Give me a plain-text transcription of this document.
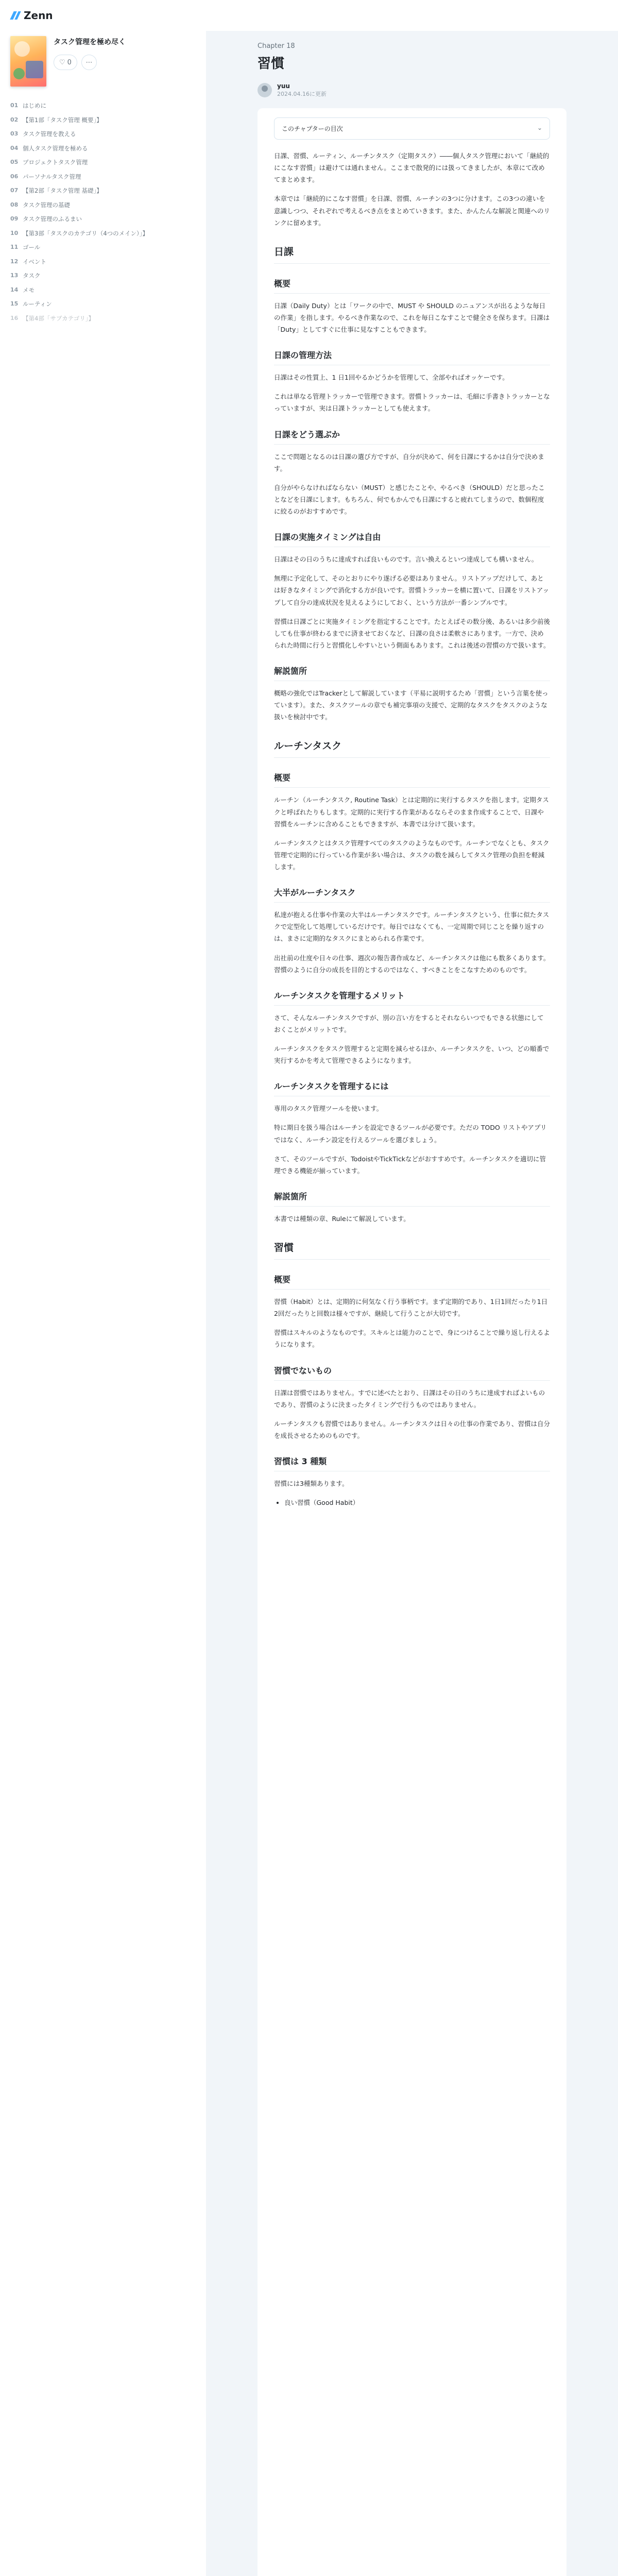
Zenn
タスク管理を極め尽く
♡ 0 ⋯
01 はじめに
02 【第1部「タスク管理 概要」】
03 タスク管理を教える
04 個人タスク管理を極める
05 プロジェクトタスク管理
06 パーソナルタスク管理
07 【第2部「タスク管理 基礎」】
08 タスク管理の基礎
09 タスク管理のふるまい
10 【第3部「タスクのカテゴリ（4つのメイン）」】
11 ゴール
12 イベント
13 タスク
14 メモ
15 ルーティン
16 【第4部「サブカテゴリ」】
Chapter 18
習慣
yuu
2024.04.16に更新
このチャプターの目次	⌄

日課、習慣、ルーティン、ルーチンタスク（定期タスク）――個人タスク管理において「継続的にこなす習慣」は避けては通れません。ここまで散発的には扱ってきましたが、本章にて改めてまとめます。

本章では「継続的にこなす習慣」を日課、習慣、ルーチンの3つに分けます。この3つの違いを意識しつつ、それぞれで考えるべき点をまとめていきます。また、かんたんな解説と関連へのリンクに留めます。

日課
概要

日課（Daily Duty）とは「ワークの中で、MUST や SHOULD のニュアンスが出るような毎日の作業」を指します。やるべき作業なので、これを毎日こなすことで健全さを保ちます。日課は「Duty」としてすぐに仕事に見なすこともできます。

日課の管理方法

日課はその性質上、1 日1回やるかどうかを管理して、全部やればオッケーです。

これは単なる管理トラッカーで管理できます。習慣トラッカーは、毛細に手書きトラッカーとなっていますが、実は日課トラッカーとしても使えます。

日課をどう選ぶか

ここで問題となるのは日課の選び方ですが、自分が決めて、何を日課にするかは自分で決めます。

自分がやらなければならない（MUST）と感じたことや、やるべき（SHOULD）だと思ったことなどを日課にします。もちろん、何でもかんでも日課にすると疲れてしまうので、数個程度に絞るのがおすすめです。

日課の実施タイミングは自由

日課はその日のうちに達成すれば良いものです。言い換えるといつ達成しても構いません。

無理に予定化して、そのとおりにやり遂げる必要はありません。リストアップだけして、あとは好きなタイミングで消化する方が良いです。習慣トラッカーを横に置いて、日課をリストアップして自分の達成状況を見えるようにしておく、という方法が一番シンプルです。

習慣は日課ごとに実施タイミングを指定することです。たとえばその数分後、あるいは多少前後しても仕事が終わるまでに済ませておくなど、日課の良さは柔軟さにあります。一方で、決められた時間に行うと習慣化しやすいという側面もあります。これは後述の習慣の方で扱います。

解説箇所

概略の強化ではTrackerとして解説しています（平易に説明するため「習慣」という言葉を使っています）。また、タスクツールの章でも補完事項の支援で、定期的なタスクをタスクのような扱いを検討中です。

ルーチンタスク
概要

ルーチン（ルーチンタスク, Routine Task）とは定期的に実行するタスクを指します。定期タスクと呼ばれたりもします。定期的に実行する作業があるならそのまま作成することで、日課や習慣をルーチンに含めることもできますが、本書では分けて扱います。

ルーチンタスクとはタスク管理すべてのタスクのようなものです。ルーチンでなくとも、タスク管理で定期的に行っている作業が多い場合は、タスクの数を減らしてタスク管理の負担を軽減します。

大半がルーチンタスク

私達が抱える仕事や作業の大半はルーチンタスクです。ルーチンタスクという、仕事に似たタスクで定型化して処理しているだけです。毎日ではなくても、一定周期で同じことを繰り返すのは、まさに定期的なタスクにまとめられる作業です。

出社前の仕度や日々の仕事、週次の報告書作成など、ルーチンタスクは他にも数多くあります。習慣のように自分の成長を目的とするのではなく、すべきことをこなすためのものです。

ルーチンタスクを管理するメリット

さて、そんなルーチンタスクですが、別の言い方をするとそれならいつでもできる状態にしておくことがメリットです。

ルーチンタスクをタスク管理すると定期を減らせるほか、ルーチンタスクを、いつ、どの順番で実行するかを考えて管理できるようになります。

ルーチンタスクを管理するには

専用のタスク管理ツールを使います。

特に期日を扱う場合はルーチンを設定できるツールが必要です。ただの TODO リストやアプリではなく、ルーチン設定を行えるツールを選びましょう。

さて、そのツールですが、TodoistやTickTickなどがおすすめです。ルーチンタスクを適切に管理できる機能が揃っています。

解説箇所

本書では種類の章、Ruleにて解説しています。

習慣
概要

習慣（Habit）とは、定期的に何気なく行う事柄です。まず定期的であり、1日1回だったり1日2回だったりと回数は様々ですが、継続して行うことが大切です。

習慣はスキルのようなものです。スキルとは能力のことで、身につけることで繰り返し行えるようになります。

習慣でないもの

日課は習慣ではありません。すでに述べたとおり、日課はその日のうちに達成すればよいものであり、習慣のように決まったタイミングで行うものではありません。

ルーチンタスクも習慣ではありません。ルーチンタスクは日々の仕事の作業であり、習慣は自分を成長させるためのものです。

習慣は 3 種類

習慣には3種類あります。

• 良い習慣（Good Habit）
